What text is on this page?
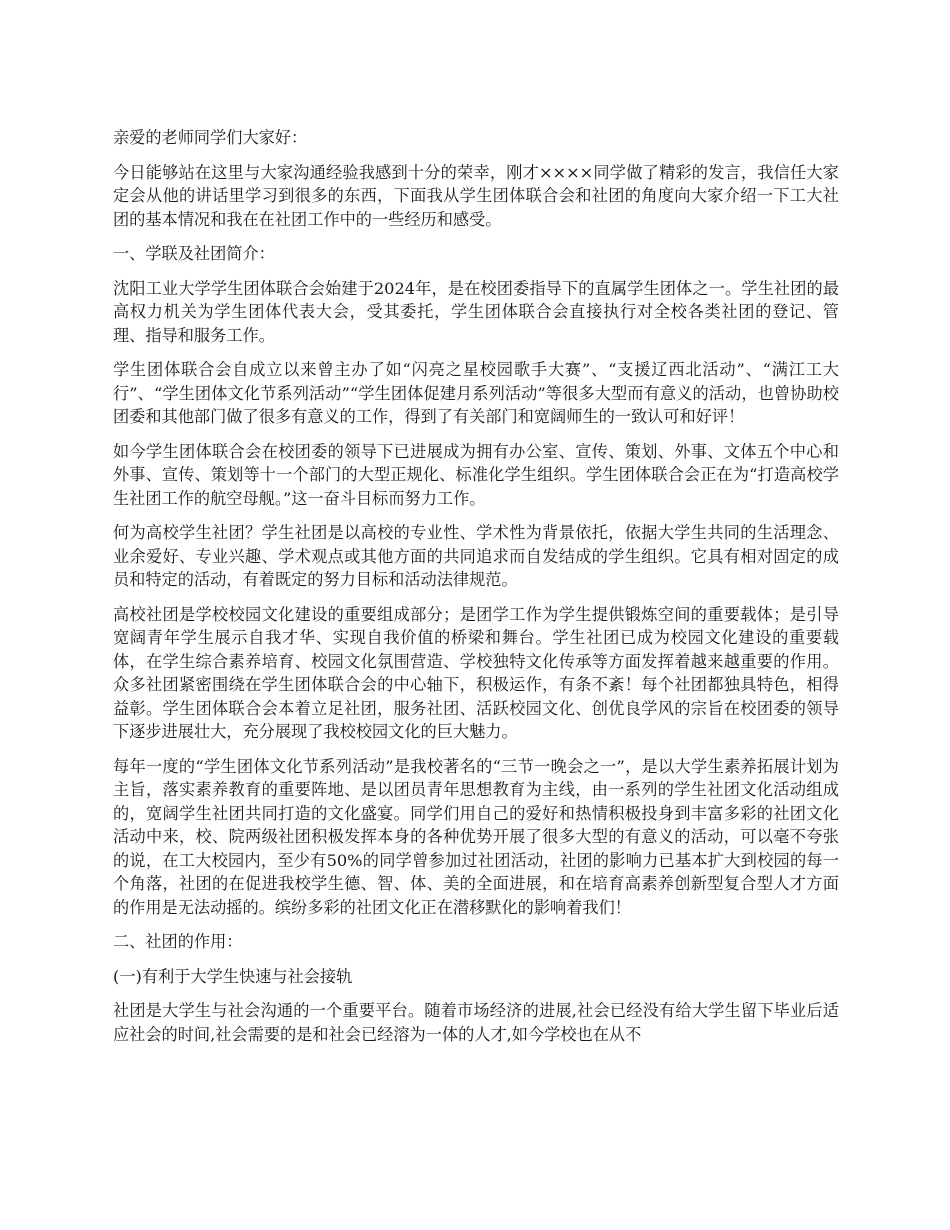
亲爱的老师同学们大家好：

今日能够站在这里与大家沟通经验我感到十分的荣幸，刚才××××同学做了精彩的发言，我信任大家定会从他的讲话里学习到很多的东西，下面我从学生团体联合会和社团的角度向大家介绍一下工大社团的基本情况和我在在社团工作中的一些经历和感受。

一、学联及社团简介：

沈阳工业大学学生团体联合会始建于2024年，是在校团委指导下的直属学生团体之一。学生社团的最高权力机关为学生团体代表大会，受其委托，学生团体联合会直接执行对全校各类社团的登记、管理、指导和服务工作。

学生团体联合会自成立以来曾主办了如“闪亮之星校园歌手大赛”、“支援辽西北活动”、“满江工大行”、“学生团体文化节系列活动”“学生团体促建月系列活动”等很多大型而有意义的活动，也曾协助校团委和其他部门做了很多有意义的工作，得到了有关部门和宽阔师生的一致认可和好评！

如今学生团体联合会在校团委的领导下已进展成为拥有办公室、宣传、策划、外事、文体五个中心和外事、宣传、策划等十一个部门的大型正规化、标准化学生组织。学生团体联合会正在为“打造高校学生社团工作的航空母舰。”这一奋斗目标而努力工作。

何为高校学生社团？学生社团是以高校的专业性、学术性为背景依托，依据大学生共同的生活理念、业余爱好、专业兴趣、学术观点或其他方面的共同追求而自发结成的学生组织。它具有相对固定的成员和特定的活动，有着既定的努力目标和活动法律规范。

高校社团是学校校园文化建设的重要组成部分；是团学工作为学生提供锻炼空间的重要载体；是引导宽阔青年学生展示自我才华、实现自我价值的桥梁和舞台。学生社团已成为校园文化建设的重要载体，在学生综合素养培育、校园文化氛围营造、学校独特文化传承等方面发挥着越来越重要的作用。众多社团紧密围绕在学生团体联合会的中心轴下，积极运作，有条不紊！每个社团都独具特色，相得益彰。学生团体联合会本着立足社团，服务社团、活跃校园文化、创优良学风的宗旨在校团委的领导下逐步进展壮大，充分展现了我校校园文化的巨大魅力。

每年一度的“学生团体文化节系列活动”是我校著名的“三节一晚会之一”，是以大学生素养拓展计划为主旨，落实素养教育的重要阵地、是以团员青年思想教育为主线，由一系列的学生社团文化活动组成的，宽阔学生社团共同打造的文化盛宴。同学们用自己的爱好和热情积极投身到丰富多彩的社团文化活动中来，校、院两级社团积极发挥本身的各种优势开展了很多大型的有意义的活动，可以毫不夸张的说，在工大校园内，至少有50%的同学曾参加过社团活动，社团的影响力已基本扩大到校园的每一个角落，社团的在促进我校学生德、智、体、美的全面进展，和在培育高素养创新型复合型人才方面的作用是无法动摇的。缤纷多彩的社团文化正在潜移默化的影响着我们！

二、社团的作用：

(一)有利于大学生快速与社会接轨

社团是大学生与社会沟通的一个重要平台。随着市场经济的进展,社会已经没有给大学生留下毕业后适应社会的时间,社会需要的是和社会已经溶为一体的人才,如今学校也在从不
